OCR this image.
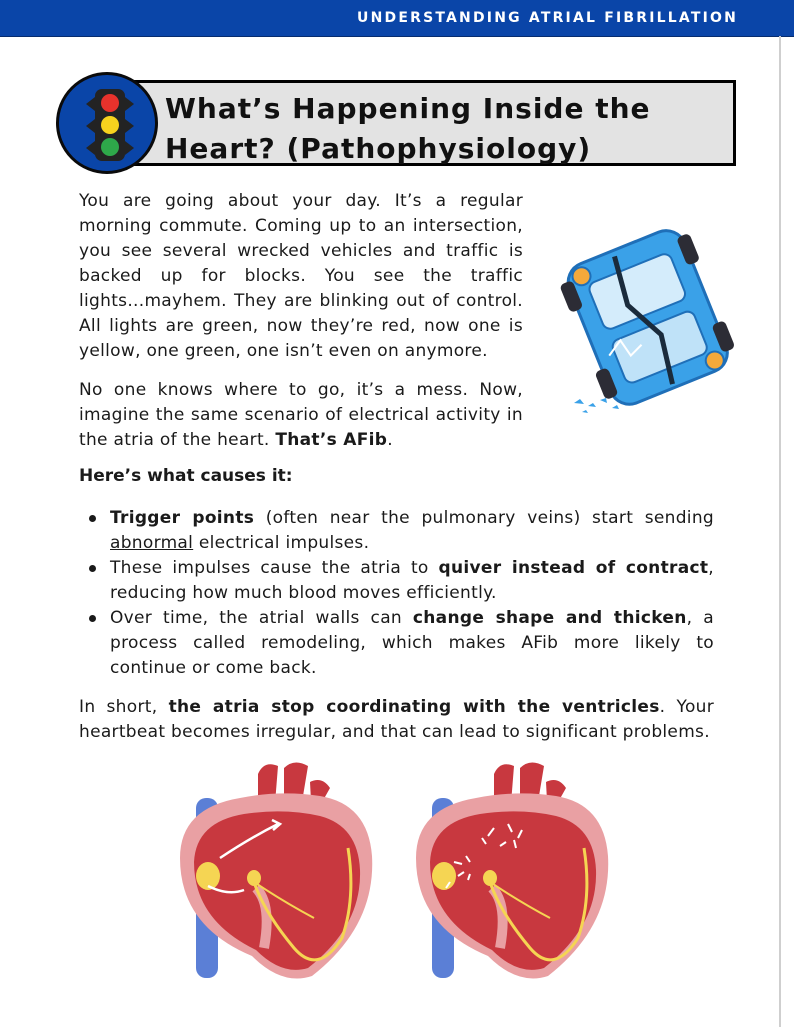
UNDERSTANDING ATRIAL FIBRILLATION
What’s Happening Inside the
Heart? (Pathophysiology)

You are going about your day. It’s a regular morning commute. Coming up to an intersection, you see several wrecked vehicles and traffic is backed up for blocks. You see the traffic lights...mayhem. They are blinking out of control. All lights are green, now they’re red, now one is yellow, one green, one isn’t even on anymore.

No one knows where to go, it’s a mess. Now, imagine the same scenario of electrical activity in the atria of the heart. That’s AFib.

Here’s what causes it:
Trigger points (often near the pulmonary veins) start sending abnormal electrical impulses.
These impulses cause the atria to quiver instead of contract, reducing how much blood moves efficiently.
Over time, the atrial walls can change shape and thicken, a process called remodeling, which makes AFib more likely to continue or come back.

In short, the atria stop coordinating with the ventricles. Your heartbeat becomes irregular, and that can lead to significant problems.
